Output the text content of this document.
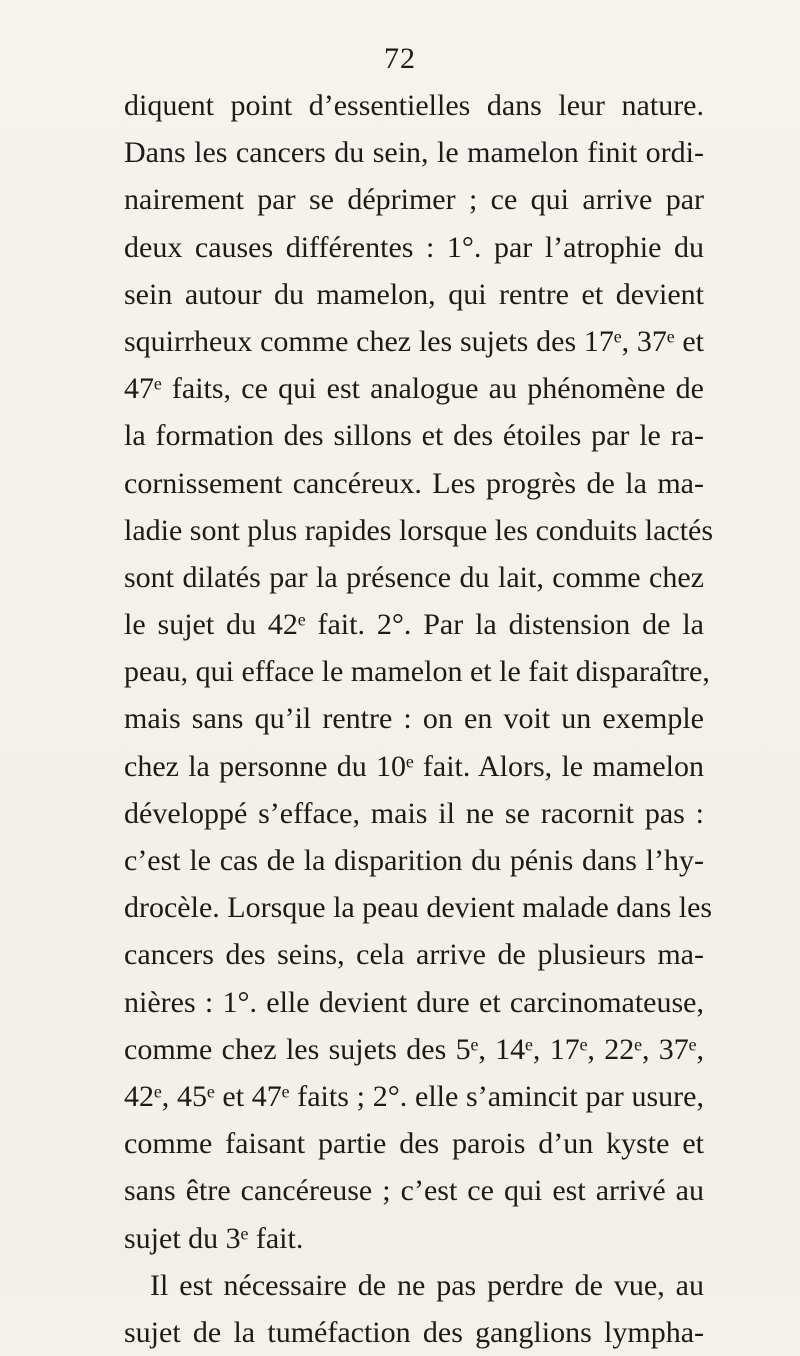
72
diquent point d’essentielles dans leur nature.
Dans les cancers du sein, le mamelon finit ordi-
nairement par se déprimer ; ce qui arrive par
deux causes différentes : 1°. par l’atrophie du
sein autour du mamelon, qui rentre et devient
squirrheux comme chez les sujets des 17ᵉ, 37ᵉ et
47ᵉ faits, ce qui est analogue au phénomène de
la formation des sillons et des étoiles par le ra-
cornissement cancéreux. Les progrès de la ma-
ladie sont plus rapides lorsque les conduits lactés
sont dilatés par la présence du lait, comme chez
le sujet du 42ᵉ fait. 2°. Par la distension de la
peau, qui efface le mamelon et le fait disparaître,
mais sans qu’il rentre : on en voit un exemple
chez la personne du 10ᵉ fait. Alors, le mamelon
développé s’efface, mais il ne se racornit pas :
c’est le cas de la disparition du pénis dans l’hy-
drocèle. Lorsque la peau devient malade dans les
cancers des seins, cela arrive de plusieurs ma-
nières : 1°. elle devient dure et carcinomateuse,
comme chez les sujets des 5ᵉ, 14ᵉ, 17ᵉ, 22ᵉ, 37ᵉ,
42ᵉ, 45ᵉ et 47ᵉ faits ; 2°. elle s’amincit par usure,
comme faisant partie des parois d’un kyste et
sans être cancéreuse ; c’est ce qui est arrivé au
sujet du 3ᵉ fait.
Il est nécessaire de ne pas perdre de vue, au
sujet de la tuméfaction des ganglions lympha-
